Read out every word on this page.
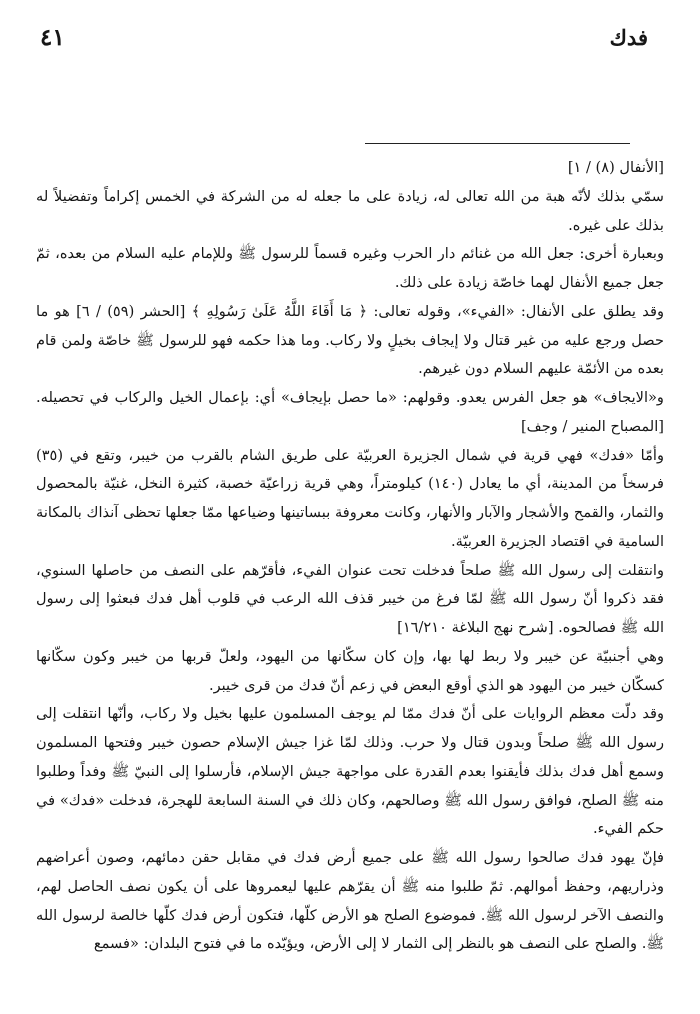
٤١	فدك

[الأنفال (٨) / ١]

سمّي بذلك لأنّه هبة من الله تعالى له، زيادة على ما جعله له من الشركة في الخمس إكراماً وتفضيلاً له بذلك على غيره.

وبعبارة أخرى: جعل الله من غنائم دار الحرب وغيره قسماً للرسول ﷺ وللإمام عليه السلام من بعده، ثمّ جعل جميع الأنفال لهما خاصّة زيادة على ذلك.

وقد يطلق على الأنفال: «الفيء»، وقوله تعالى: ﴿ مَا أَفَاءَ اللَّهُ عَلَىٰ رَسُولِهِ ﴾ [الحشر (٥٩) / ٦] هو ما حصل ورجع عليه من غير قتال ولا إيجاف بخيلٍ ولا ركاب. وما هذا حكمه فهو للرسول ﷺ خاصّة ولمن قام بعده من الأئمّة عليهم السلام دون غيرهم.

و«الايجاف» هو جعل الفرس يعدو. وقولهم: «ما حصل بإيجاف» أي: بإعمال الخيل والركاب في تحصيله. [المصباح المنير / وجف]

وأمّا «فدك» فهي قرية في شمال الجزيرة العربيّة على طريق الشام بالقرب من خيبر، وتقع في (٣٥) فرسخاً من المدينة، أي ما يعادل (١٤٠) كيلومتراً، وهي قرية زراعيّة خصبة، كثيرة النخل، غنيّة بالمحصول والثمار، والقمح والأشجار والآبار والأنهار، وكانت معروفة ببساتينها وضياعها ممّا جعلها تحظى آنذاك بالمكانة السامية في اقتصاد الجزيرة العربيّة.

وانتقلت إلى رسول الله ﷺ صلحاً فدخلت تحت عنوان الفيء، فأقرّهم على النصف من حاصلها السنوي، فقد ذكروا أنّ رسول الله ﷺ لمّا فرغ من خيبر قذف الله الرعب في قلوب أهل فدك فبعثوا إلى رسول الله ﷺ فصالحوه. [شرح نهج البلاغة ١٦/٢١٠]

وهي أجنبيّة عن خيبر ولا ربط لها بها، وإن كان سكّانها من اليهود، ولعلّ قربها من خيبر وكون سكّانها كسكّان خيبر من اليهود هو الذي أوقع البعض في زعم أنّ فدك من قرى خيبر.

وقد دلّت معظم الروايات على أنّ فدك ممّا لم يوجف المسلمون عليها بخيل ولا ركاب، وأنّها انتقلت إلى رسول الله ﷺ صلحاً وبدون قتال ولا حرب. وذلك لمّا غزا جيش الإسلام حصون خيبر وفتحها المسلمون وسمع أهل فدك بذلك فأيقنوا بعدم القدرة على مواجهة جيش الإسلام، فأرسلوا إلى النبيّ ﷺ وفداً وطلبوا منه ﷺ الصلح، فوافق رسول الله ﷺ وصالحهم، وكان ذلك في السنة السابعة للهجرة، فدخلت «فدك» في حكم الفيء.

فإنّ يهود فدك صالحوا رسول الله ﷺ على جميع أرض فدك في مقابل حقن دمائهم، وصون أعراضهم وذراريهم، وحفظ أموالهم. ثمّ طلبوا منه ﷺ أن يقرّهم عليها ليعمروها على أن يكون نصف الحاصل لهم، والنصف الآخر لرسول الله ﷺ. فموضوع الصلح هو الأرض كلّها، فتكون أرض فدك كلّها خالصة لرسول الله ﷺ. والصلح على النصف هو بالنظر إلى الثمار لا إلى الأرض، ويؤيّده ما في فتوح البلدان: «فسمع
